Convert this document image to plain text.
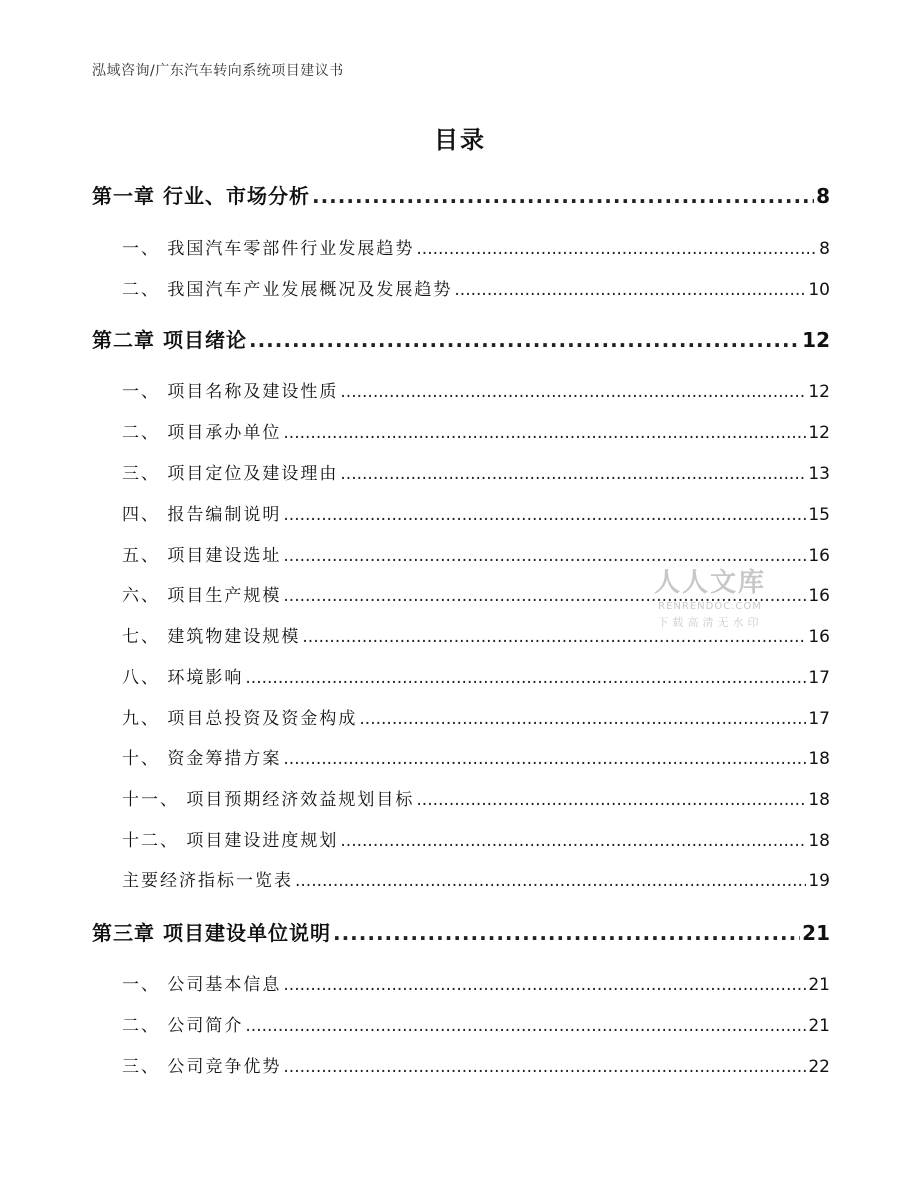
泓域咨询/广东汽车转向系统项目建议书
目录
第一章 行业、市场分析 .....	8
一、 我国汽车零部件行业发展趋势 .....	8
二、 我国汽车产业发展概况及发展趋势 .....	10
第二章 项目绪论 .....	12
一、 项目名称及建设性质 .....	12
二、 项目承办单位 .....	12
三、 项目定位及建设理由 .....	13
四、 报告编制说明 .....	15
五、 项目建设选址 .....	16
六、 项目生产规模 .....	16
七、 建筑物建设规模 .....	16
八、 环境影响 .....	17
九、 项目总投资及资金构成 .....	17
十、 资金筹措方案 .....	18
十一、 项目预期经济效益规划目标 .....	18
十二、 项目建设进度规划 .....	18
主要经济指标一览表 .....	19
第三章 项目建设单位说明 .....	21
一、 公司基本信息 .....	21
二、 公司简介 .....	21
三、 公司竞争优势 .....	22
人人文库
RENRENDOC.COM
下载高清无水印
